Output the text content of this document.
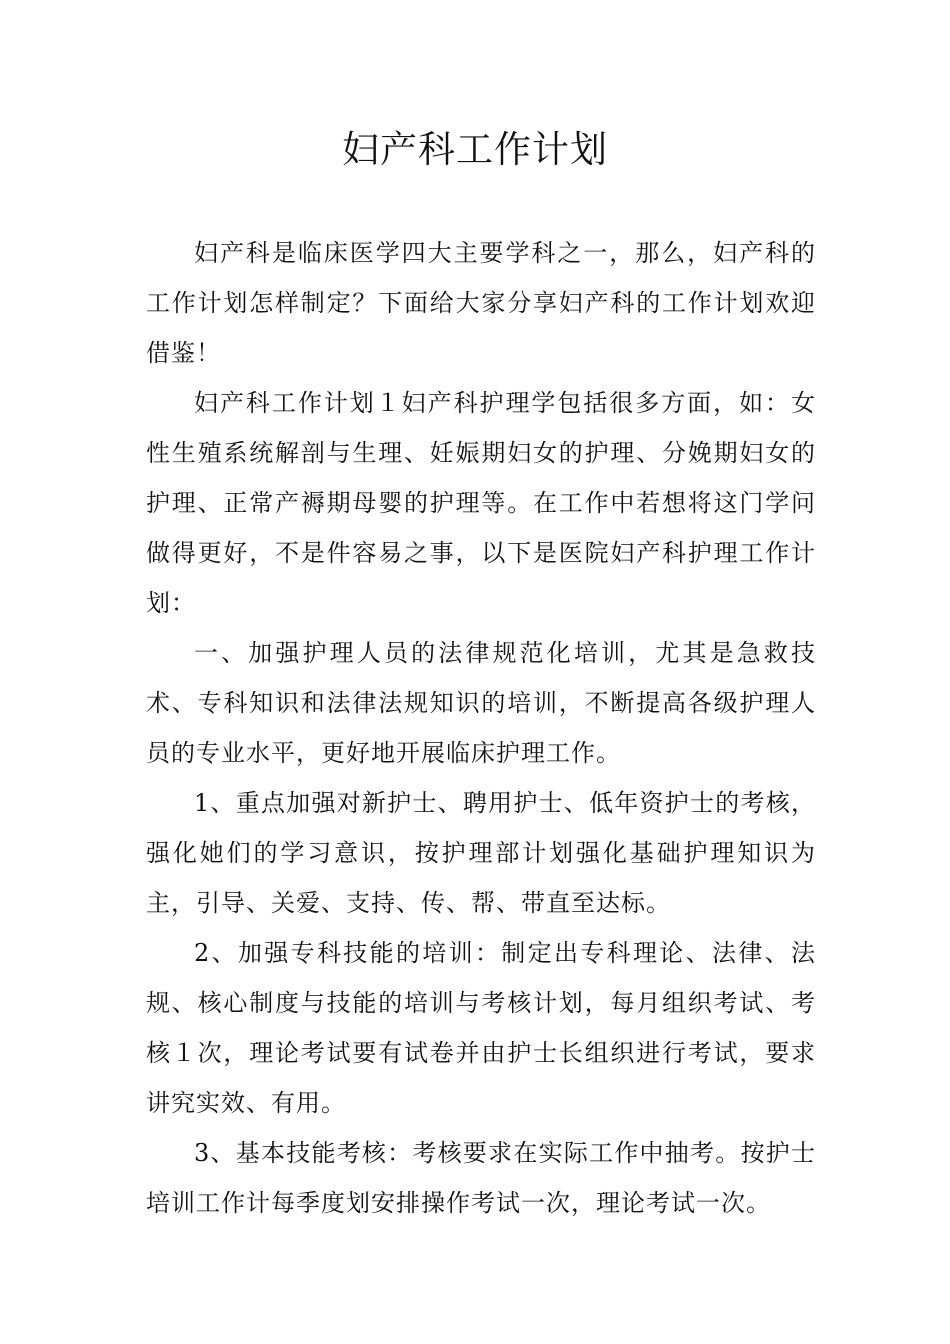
妇产科工作计划

妇产科是临床医学四大主要学科之一，那么，妇产科的工作计划怎样制定？下面给大家分享妇产科的工作计划欢迎借鉴！

妇产科工作计划１妇产科护理学包括很多方面，如：女性生殖系统解剖与生理、妊娠期妇女的护理、分娩期妇女的护理、正常产褥期母婴的护理等。在工作中若想将这门学问做得更好，不是件容易之事，以下是医院妇产科护理工作计划：

一、加强护理人员的法律规范化培训，尤其是急救技术、专科知识和法律法规知识的培训，不断提高各级护理人员的专业水平，更好地开展临床护理工作。

1、重点加强对新护士、聘用护士、低年资护士的考核，强化她们的学习意识，按护理部计划强化基础护理知识为主，引导、关爱、支持、传、帮、带直至达标。

2、加强专科技能的培训：制定出专科理论、法律、法规、核心制度与技能的培训与考核计划，每月组织考试、考核１次，理论考试要有试卷并由护士长组织进行考试，要求讲究实效、有用。

3、基本技能考核：考核要求在实际工作中抽考。按护士培训工作计每季度划安排操作考试一次，理论考试一次。
